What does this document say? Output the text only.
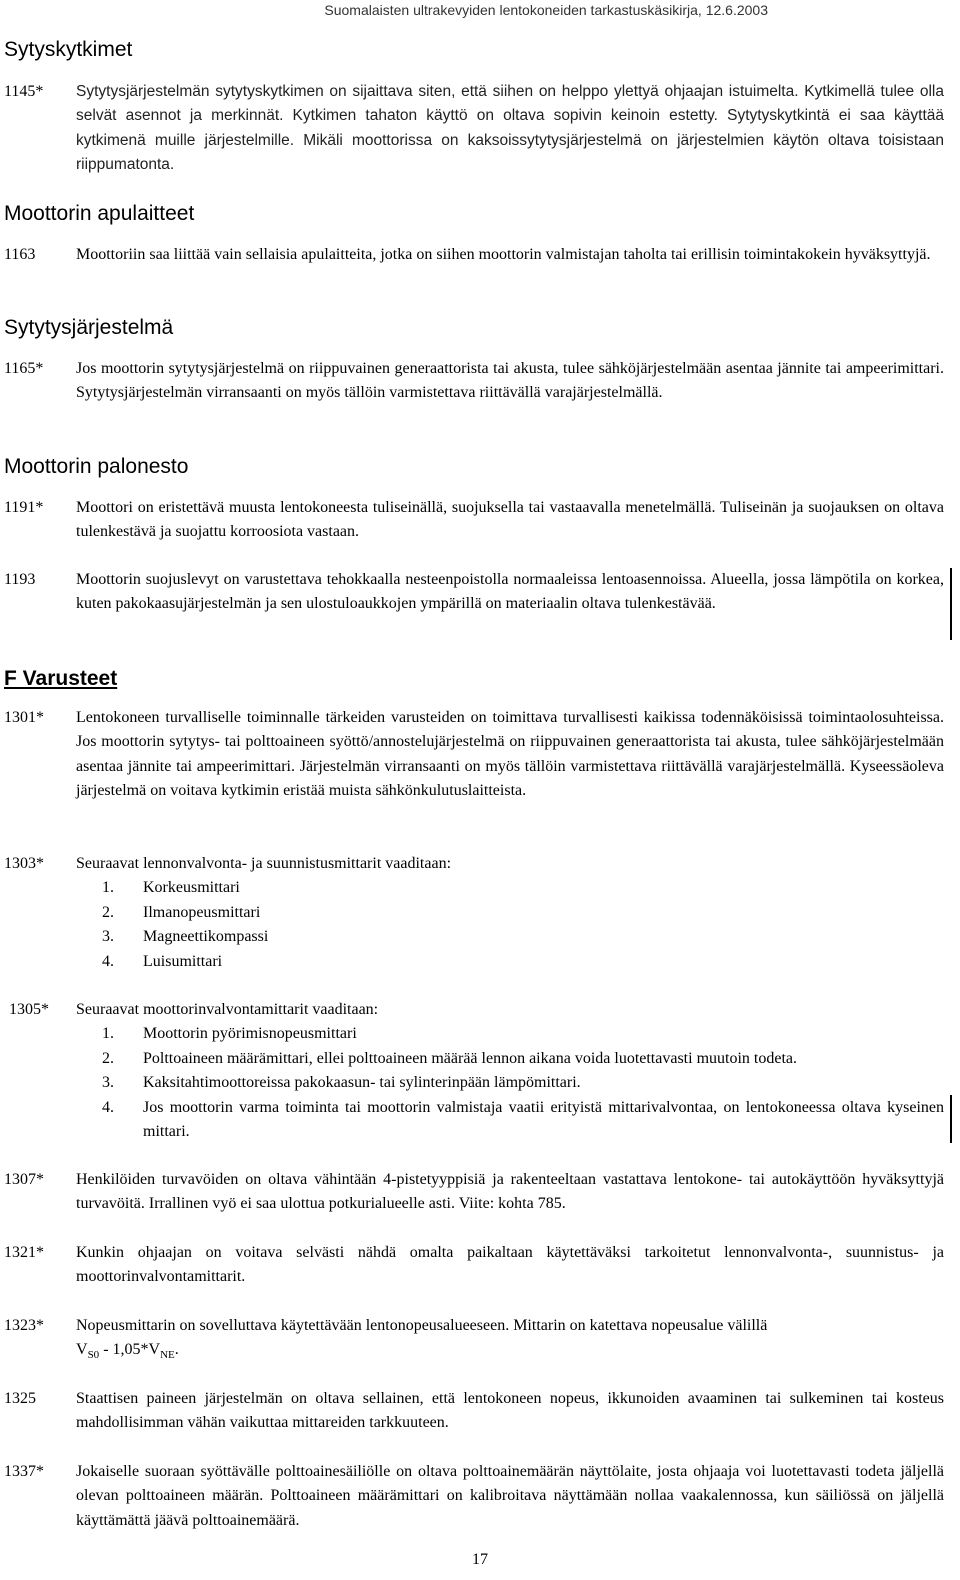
Suomalaisten ultrakevyiden lentokoneiden tarkastuskäsikirja, 12.6.2003
Sytyskytkimet
1145* Sytytysjärjestelmän sytytyskytkimen on sijaittava siten, että siihen on helppo ylettyä ohjaajan istuimelta. Kytkimellä tulee olla selvät asennot ja merkinnät. Kytkimen tahaton käyttö on oltava sopivin keinoin estetty. Sytytyskytkintä ei saa käyttää kytkimenä muille järjestelmille. Mikäli moottorissa on kaksoissytytysjärjestelmä on järjestelmien käytön oltava toisistaan riippumatonta.
Moottorin apulaitteet
1163	Moottoriin saa liittää vain sellaisia apulaitteita, jotka on siihen moottorin valmistajan taholta tai erillisin toimintakokein hyväksyttyjä.
Sytytysjärjestelmä
1165* Jos moottorin sytytysjärjestelmä on riippuvainen generaattorista tai akusta, tulee sähköjärjestelmään asentaa jännite tai ampeerimittari. Sytytysjärjestelmän virransaanti on myös tällöin varmistettava riittävällä varajärjestelmällä.
Moottorin palonesto
1191* Moottori on eristettävä muusta lentokoneesta tuliseinällä, suojuksella tai vastaavalla menetelmällä. Tuliseinän ja suojauksen on oltava tulenkestävä ja suojattu korroosiota vastaan.
1193	Moottorin suojuslevyt on varustettava tehokkaalla nesteenpoistolla normaaleissa lentoasennoissa. Alueella, jossa lämpötila on korkea, kuten pakokaasujärjestelmän ja sen ulostuloaukkojen ympärillä on materiaalin oltava tulenkestävää.
F Varusteet
1301* Lentokoneen turvalliselle toiminnalle tärkeiden varusteiden on toimittava turvallisesti kaikissa todennäköisissä toimintaolosuhteissa. Jos moottorin sytytys- tai polttoaineen syöttö/annostelujärjestelmä on riippuvainen generaattorista tai akusta, tulee sähköjärjestelmään asentaa jännite tai ampeerimittari. Järjestelmän virransaanti on myös tällöin varmistettava riittävällä varajärjestelmällä. Kyseessäoleva järjestelmä on voitava kytkimin eristää muista sähkönkulutuslaitteista.
1303* Seuraavat lennonvalvonta- ja suunnistusmittarit vaaditaan:
1.	Korkeusmittari
2.	Ilmanopeusmittari
3.	Magneettikompassi
4.	Luisumittari
1305* Seuraavat moottorinvalvontamittarit vaaditaan:
1.	Moottorin pyörimisnopeusmittari
2.	Polttoaineen määrämittari, ellei polttoaineen määrää lennon aikana voida luotettavasti muutoin todeta.
3.	Kaksitahtimoottoreissa pakokaasun- tai sylinterinpään lämpömittari.
4.	Jos moottorin varma toiminta tai moottorin valmistaja vaatii erityistä mittarivalvontaa, on lentokoneessa oltava kyseinen mittari.
1307* Henkilöiden turvavöiden on oltava vähintään 4-pistetyyppisiä ja rakenteeltaan vastattava lentokone- tai autokäyttöön hyväksyttyjä turvavöitä. Irrallinen vyö ei saa ulottua potkurialueelle asti. Viite: kohta 785.
1321* Kunkin ohjaajan on voitava selvästi nähdä omalta paikaltaan käytettäväksi tarkoitetut lennonvalvonta-, suunnistus- ja moottorinvalvontamittarit.
1323* Nopeusmittarin on sovelluttava käytettävään lentonopeusalueeseen. Mittarin on katettava nopeusalue välillä
$V_{S0} - 1,05*V_{NE}$.
1325	Staattisen paineen järjestelmän on oltava sellainen, että lentokoneen nopeus, ikkunoiden avaaminen tai sulkeminen tai kosteus mahdollisimman vähän vaikuttaa mittareiden tarkkuuteen.
1337* Jokaiselle suoraan syöttävälle polttoainesäiliölle on oltava polttoainemäärän näyttölaite, josta ohjaaja voi luotettavasti todeta jäljellä olevan polttoaineen määrän. Polttoaineen määrämittari on kalibroitava näyttämään nollaa vaakalennossa, kun säiliössä on jäljellä käyttämättä jäävä polttoainemäärä.
17
